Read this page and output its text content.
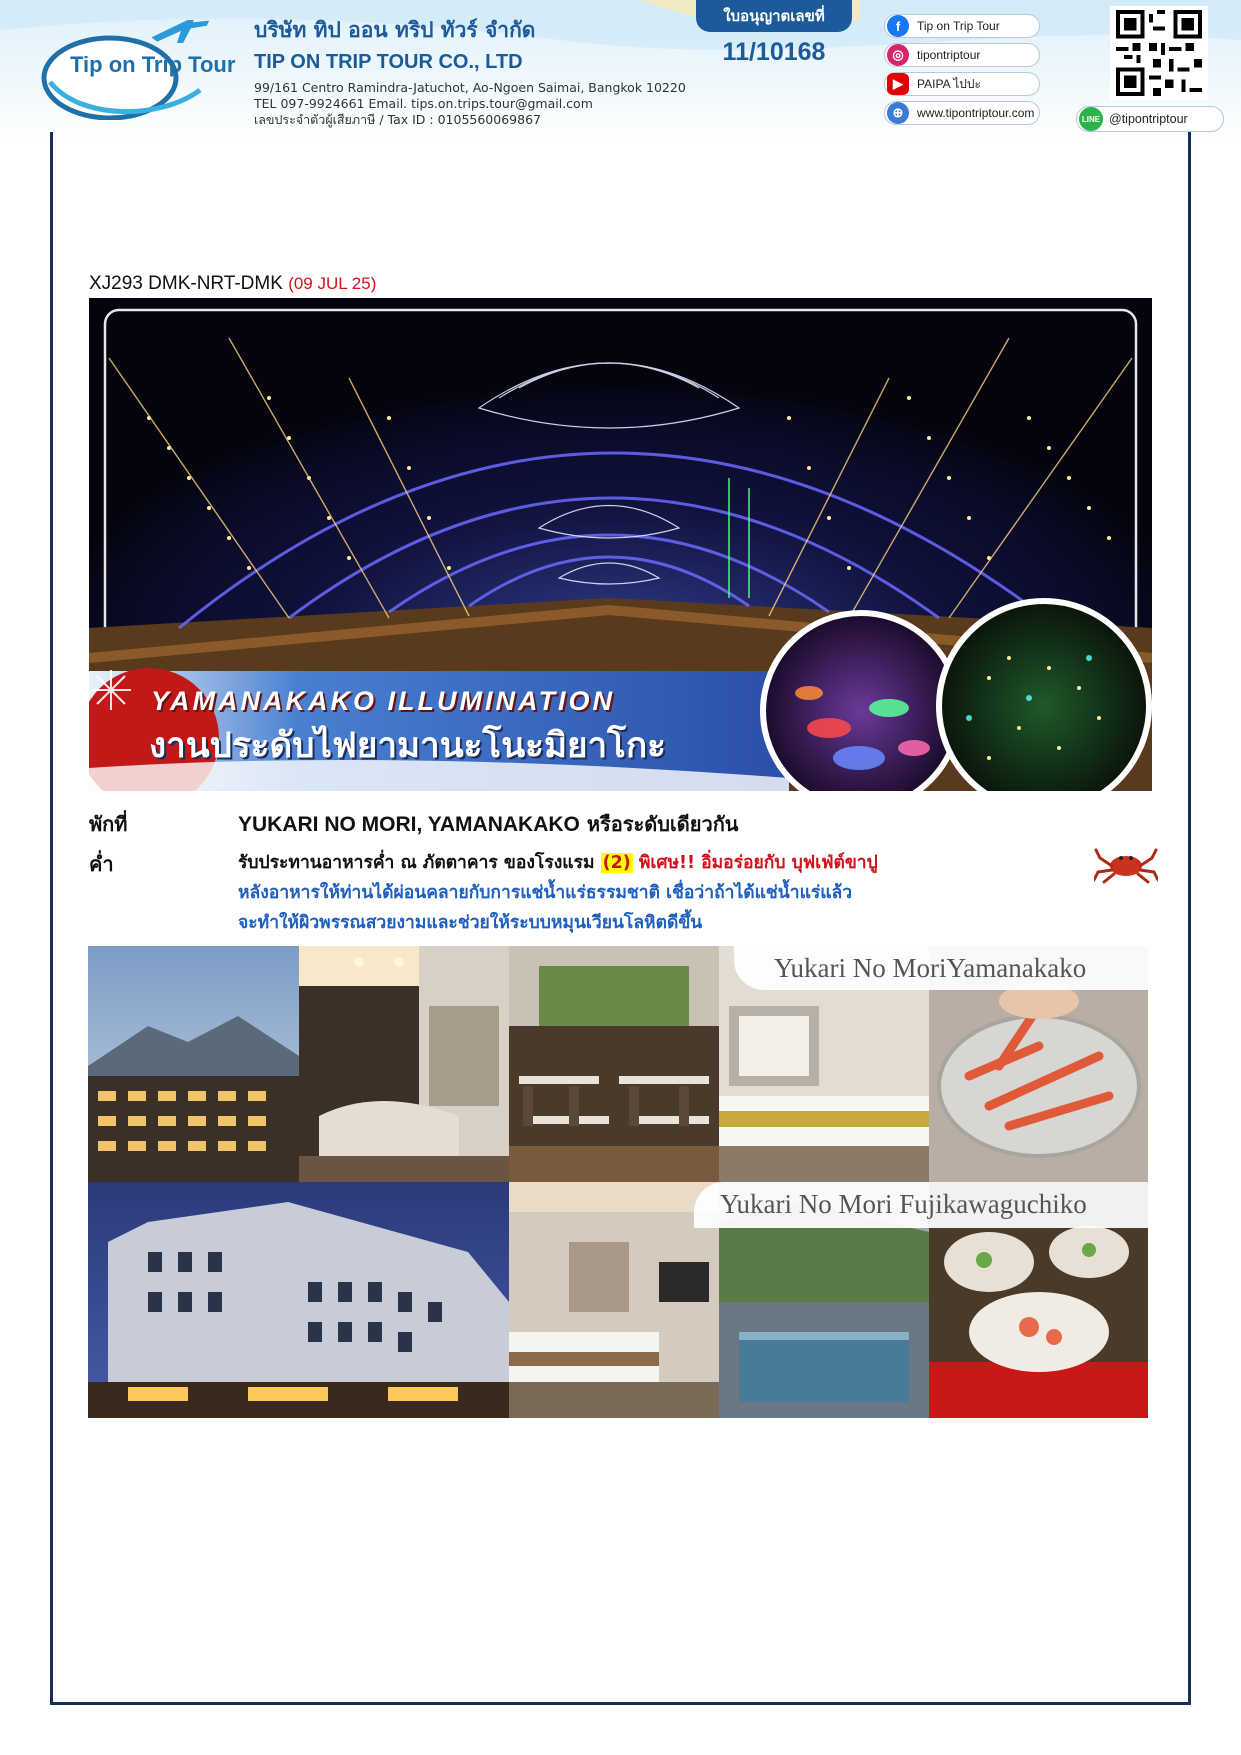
Tip on Trip Tour
บริษัท ทิป ออน ทริป ทัวร์ จำกัด
TIP ON TRIP TOUR CO., LTD
99/161 Centro Ramindra-Jatuchot, Ao-Ngoen Saimai, Bangkok 10220
TEL 097-9924661 Email. tips.on.trips.tour@gmail.com
เลขประจำตัวผู้เสียภาษี / Tax ID : 0105560069867
ใบอนุญาตเลขที่
11/10168
f	Tip on Trip Tour
◎	tipontriptour
▶	PAIPA ไปปะ
⊕	www.tipontriptour.com	LINE @tipontriptour
XJ293 DMK-NRT-DMK (09 JUL 25)
YAMANAKAKO ILLUMINATION
งานประดับไฟยามานะโนะมิยาโกะ
พักที่	YUKARI NO MORI, YAMANAKAKO หรือระดับเดียวกัน
ค่ำ	รับประทานอาหารค่ำ ณ ภัตตาคาร ของโรงแรม (2) พิเศษ!! อิ่มอร่อยกับ บุฟเฟ่ต์ขาปู
หลังอาหารให้ท่านได้ผ่อนคลายกับการแช่น้ำแร่ธรรมชาติ เชื่อว่าถ้าได้แช่น้ำแร่แล้ว
จะทำให้ผิวพรรณสวยงามและช่วยให้ระบบหมุนเวียนโลหิตดีขึ้น
Yukari No MoriYamanakako
Yukari No Mori Fujikawaguchiko
